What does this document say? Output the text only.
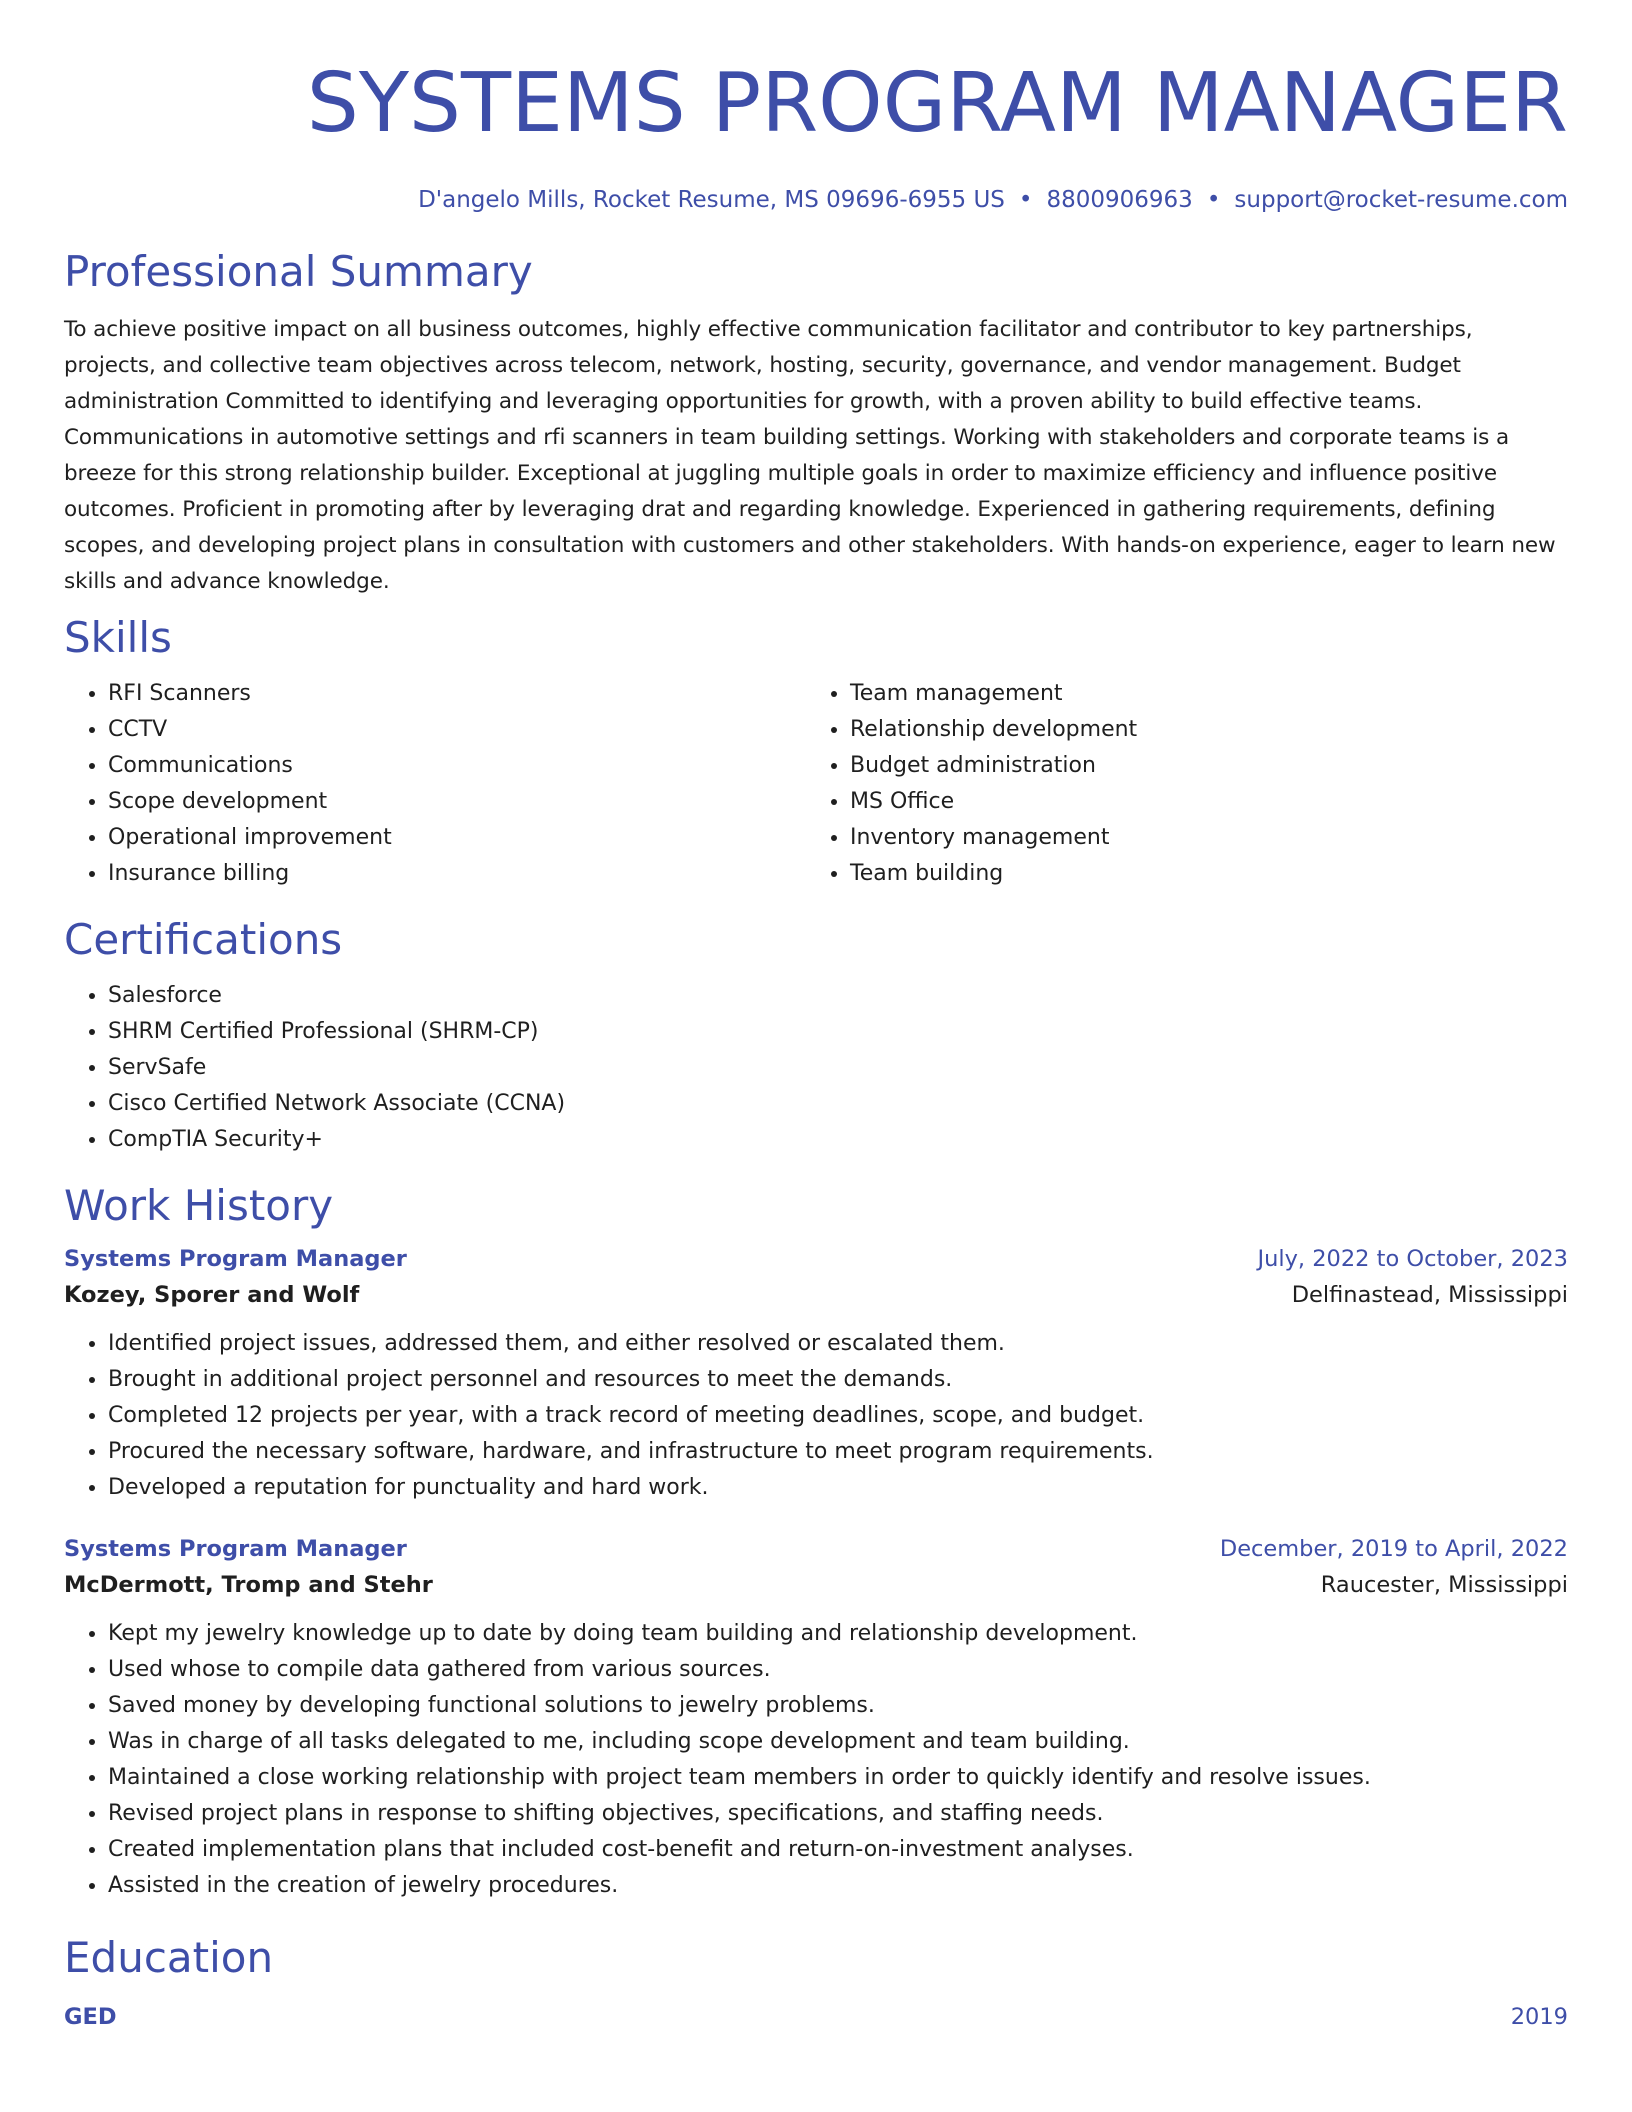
SYSTEMS PROGRAM MANAGER
D'angelo Mills, Rocket Resume, MS 09696-6955 US • 8800906963 • support@rocket-resume.com
Professional Summary

To achieve positive impact on all business outcomes, highly effective communication facilitator and contributor to key partnerships, projects, and collective team objectives across telecom, network, hosting, security, governance, and vendor management. Budget administration Committed to identifying and leveraging opportunities for growth, with a proven ability to build effective teams. Communications in automotive settings and rfi scanners in team building settings. Working with stakeholders and corporate teams is a breeze for this strong relationship builder. Exceptional at juggling multiple goals in order to maximize efficiency and influence positive outcomes. Proficient in promoting after by leveraging drat and regarding knowledge. Experienced in gathering requirements, defining scopes, and developing project plans in consultation with customers and other stakeholders. With hands-on experience, eager to learn new skills and advance knowledge.

Skills
• RFI Scanners
• CCTV
• Communications
• Scope development
• Operational improvement
• Insurance billing
• Team management
• Relationship development
• Budget administration
• MS Office
• Inventory management
• Team building
Certifications
• Salesforce
• SHRM Certified Professional (SHRM-CP)
• ServSafe
• Cisco Certified Network Associate (CCNA)
• CompTIA Security+
Work History
Systems Program Manager	July, 2022 to October, 2023
Kozey, Sporer and Wolf	Delfinastead, Mississippi
• Identified project issues, addressed them, and either resolved or escalated them.
• Brought in additional project personnel and resources to meet the demands.
• Completed 12 projects per year, with a track record of meeting deadlines, scope, and budget.
• Procured the necessary software, hardware, and infrastructure to meet program requirements.
• Developed a reputation for punctuality and hard work.
Systems Program Manager	December, 2019 to April, 2022
McDermott, Tromp and Stehr	Raucester, Mississippi
• Kept my jewelry knowledge up to date by doing team building and relationship development.
• Used whose to compile data gathered from various sources.
• Saved money by developing functional solutions to jewelry problems.
• Was in charge of all tasks delegated to me, including scope development and team building.
• Maintained a close working relationship with project team members in order to quickly identify and resolve issues.
• Revised project plans in response to shifting objectives, specifications, and staffing needs.
• Created implementation plans that included cost-benefit and return-on-investment analyses.
• Assisted in the creation of jewelry procedures.
Education
GED	2019
